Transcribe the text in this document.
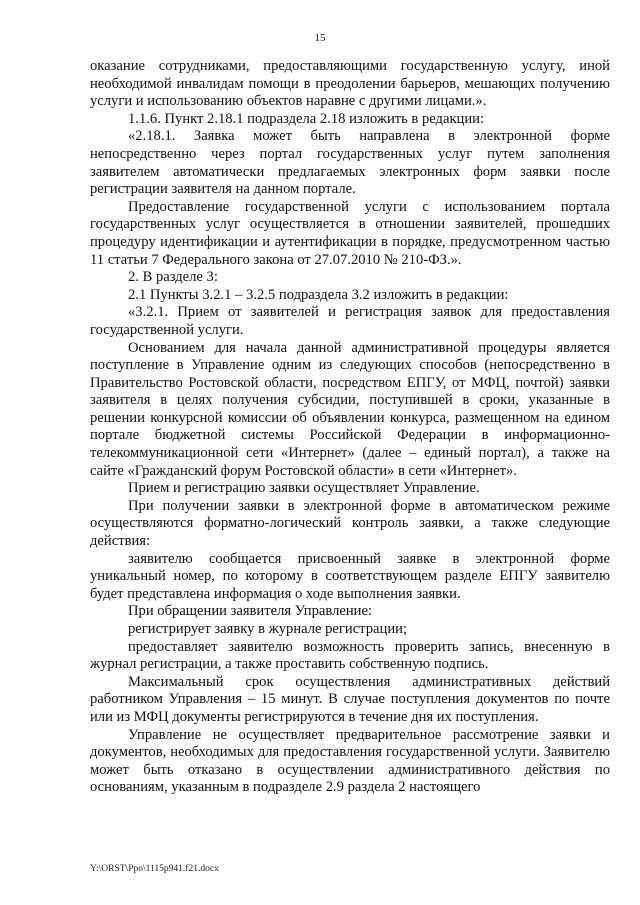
15

оказание сотрудниками, предоставляющими государственную услугу, иной необходимой инвалидам помощи в преодолении барьеров, мешающих получению услуги и использованию объектов наравне с другими лицами.».

1.1.6. Пункт 2.18.1 подраздела 2.18 изложить в редакции:

«2.18.1. Заявка может быть направлена в электронной форме непосредственно через портал государственных услуг путем заполнения заявителем автоматически предлагаемых электронных форм заявки после регистрации заявителя на данном портале.

Предоставление государственной услуги с использованием портала государственных услуг осуществляется в отношении заявителей, прошедших процедуру идентификации и аутентификации в порядке, предусмотренном частью 11 статьи 7 Федерального закона от 27.07.2010 № 210-ФЗ.».

2. В разделе 3:

2.1 Пункты 3.2.1 – 3.2.5 подраздела 3.2 изложить в редакции:

«3.2.1. Прием от заявителей и регистрация заявок для предоставления государственной услуги.

Основанием для начала данной административной процедуры является поступление в Управление одним из следующих способов (непосредственно в Правительство Ростовской области, посредством ЕПГУ, от МФЦ, почтой) заявки заявителя в целях получения субсидии, поступившей в сроки, указанные в решении конкурсной комиссии об объявлении конкурса, размещенном на едином портале бюджетной системы Российской Федерации в информационно-телекоммуникационной сети «Интернет» (далее – единый портал), а также на сайте «Гражданский форум Ростовской области» в сети «Интернет».

Прием и регистрацию заявки осуществляет Управление.

При получении заявки в электронной форме в автоматическом режиме осуществляются форматно-логический контроль заявки, а также следующие действия:

заявителю сообщается присвоенный заявке в электронной форме уникальный номер, по которому в соответствующем разделе ЕПГУ заявителю будет представлена информация о ходе выполнения заявки.

При обращении заявителя Управление:

регистрирует заявку в журнале регистрации;

предоставляет заявителю возможность проверить запись, внесенную в журнал регистрации, а также проставить собственную подпись.

Максимальный срок осуществления административных действий работником Управления – 15 минут. В случае поступления документов по почте или из МФЦ документы регистрируются в течение дня их поступления.

Управление не осуществляет предварительное рассмотрение заявки и документов, необходимых для предоставления государственной услуги. Заявителю может быть отказано в осуществлении административного действия по основаниям, указанным в подразделе 2.9 раздела 2 настоящего

Y:\ORST\Ppo\1115p941.f21.docx
